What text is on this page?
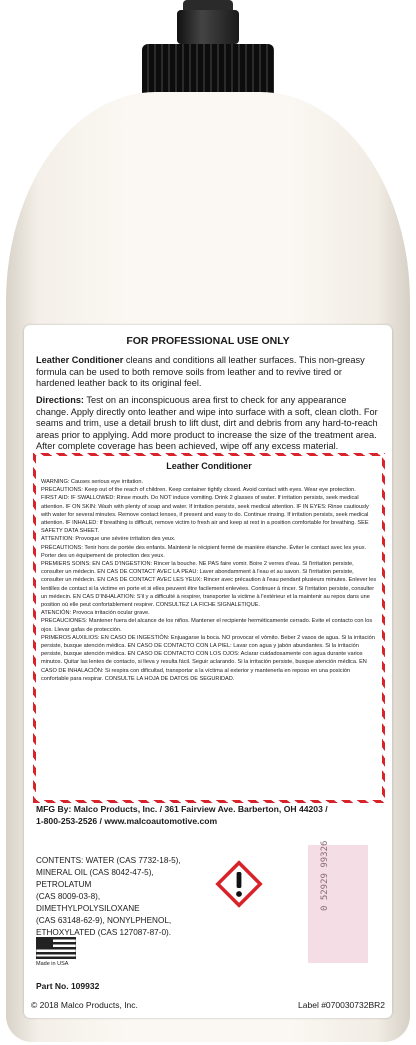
FOR PROFESSIONAL USE ONLY

Leather Conditioner cleans and conditions all leather surfaces. This non-greasy formula can be used to both remove soils from leather and to revive tired or hardened leather back to its original feel.

Directions: Test on an inconspicuous area first to check for any appearance change. Apply directly onto leather and wipe into surface with a soft, clean cloth. For seams and trim, use a detail brush to lift dust, dirt and debris from any hard-to-reach areas prior to applying. Add more product to increase the size of the treatment area. After complete coverage has been achieved, wipe off any excess material.

Leather Conditioner

WARNING: Causes serious eye irritation.
PRECAUTIONS: Keep out of the reach of children. Keep container tightly closed. Avoid contact with eyes. Wear eye protection.
FIRST AID: IF SWALLOWED: Rinse mouth. Do NOT induce vomiting. Drink 2 glasses of water. If irritation persists, seek medical attention. IF ON SKIN: Wash with plenty of soap and water. If irritation persists, seek medical attention. IF IN EYES: Rinse cautiously with water for several minutes. Remove contact lenses, if present and easy to do. Continue rinsing. If irritation persists, seek medical attention. IF INHALED: If breathing is difficult, remove victim to fresh air and keep at rest in a position comfortable for breathing. SEE SAFETY DATA SHEET.
ATTENTION: Provoque une sévère irritation des yeux.
PRÉCAUTIONS: Tenir hors de portée des enfants. Maintenir le récipient fermé de manière étanche. Éviter le contact avec les yeux. Porter des un équipement de protection des yeux.
PREMIERS SOINS: EN CAS D'INGESTION: Rincer la bouche. NE PAS faire vomir. Boire 2 verres d'eau. Si l'irritation persiste, consulter un médecin. EN CAS DE CONTACT AVEC LA PEAU: Laver abondamment à l'eau et au savon. Si l'irritation persiste, consulter un médecin. EN CAS DE CONTACT AVEC LES YEUX: Rincer avec précaution à l'eau pendant plusieurs minutes. Enlever les lentilles de contact si la victime en porte et si elles peuvent être facilement enlevées. Continuer à rincer. Si l'irritation persiste, consulter un médecin. EN CAS D'INHALATION: S'il y a difficulté à respirer, transporter la victime à l'extérieur et la maintenir au repos dans une position où elle peut confortablement respirer. CONSULTEZ LA FICHE SIGNALETIQUE.
ATENCIÓN: Provoca irritación ocular grave.
PRECAUCIONES: Mantener fuera del alcance de los niños. Mantener el recipiente herméticamente cerrado. Evite el contacto con los ojos. Llevar gafas de protección.
PRIMEROS AUXILIOS: EN CASO DE INGESTIÓN: Enjuagarse la boca. NO provocar el vómito. Beber 2 vasos de agua. Si la irritación persiste, busque atención médica. EN CASO DE CONTACTO CON LA PIEL: Lavar con agua y jabón abundantes. Si la irritación persiste, busque atención médica. EN CASO DE CONTACTO CON LOS OJOS: Aclarar cuidadosamente con agua durante varios minutos. Quitar las lentes de contacto, si lleva y resulta fácil. Seguir aclarando. Si la irritación persiste, busque atención médica. EN CASO DE INHALACIÓN: Si respira con dificultad, transportar a la víctima al exterior y mantenerla en reposo en una posición confortable para respirar. CONSULTE LA HOJA DE DATOS DE SEGURIDAD.

MFG By: Malco Products, Inc. / 361 Fairview Ave. Barberton, OH 44203 /
1-800-253-2526 / www.malcoautomotive.com

CONTENTS: WATER (CAS 7732-18-5),
MINERAL OIL (CAS 8042-47-5), PETROLATUM
(CAS 8009-03-8), DIMETHYLPOLYSILOXANE
(CAS 63148-62-9), NONYLPHENOL,
ETHOXYLATED (CAS 127087-87-0).

0 52929 99326
Made in USA
Part No. 109932
© 2018 Malco Products, Inc.	Label #070030732BR2
